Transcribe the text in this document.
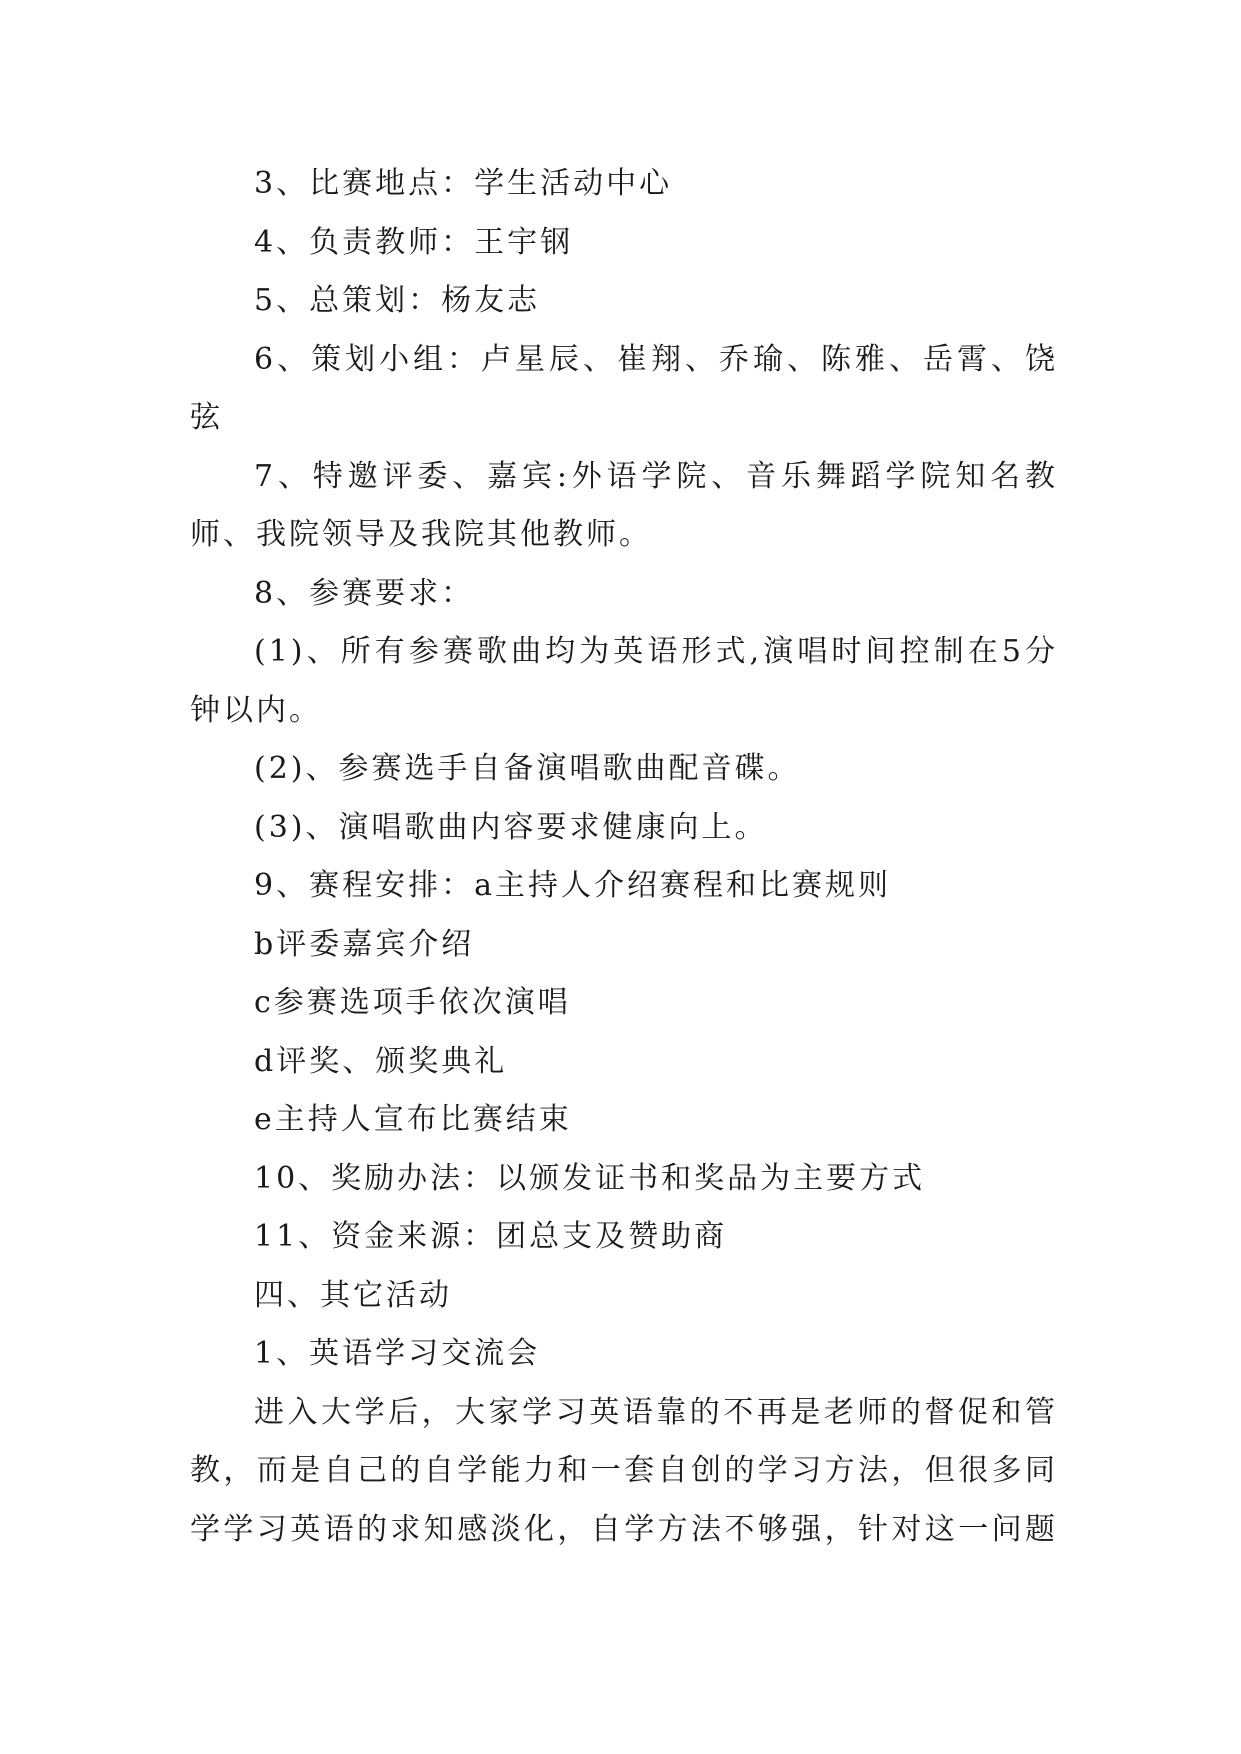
3、比赛地点：学生活动中心

4、负责教师：王宇钢

5、总策划：杨友志

6、策划小组：卢星辰、崔翔、乔瑜、陈雅、岳霄、饶弦

7、特邀评委、嘉宾:外语学院、音乐舞蹈学院知名教师、我院领导及我院其他教师。

8、参赛要求：

(1)、所有参赛歌曲均为英语形式,演唱时间控制在5分钟以内。

(2)、参赛选手自备演唱歌曲配音碟。

(3)、演唱歌曲内容要求健康向上。

9、赛程安排：a主持人介绍赛程和比赛规则

b评委嘉宾介绍

c参赛选项手依次演唱

d评奖、颁奖典礼

e主持人宣布比赛结束

10、奖励办法：以颁发证书和奖品为主要方式

11、资金来源：团总支及赞助商

四、其它活动

1、英语学习交流会

进入大学后，大家学习英语靠的不再是老师的督促和管教，而是自己的自学能力和一套自创的学习方法，但很多同学学习英语的求知感淡化，自学方法不够强，针对这一问题
